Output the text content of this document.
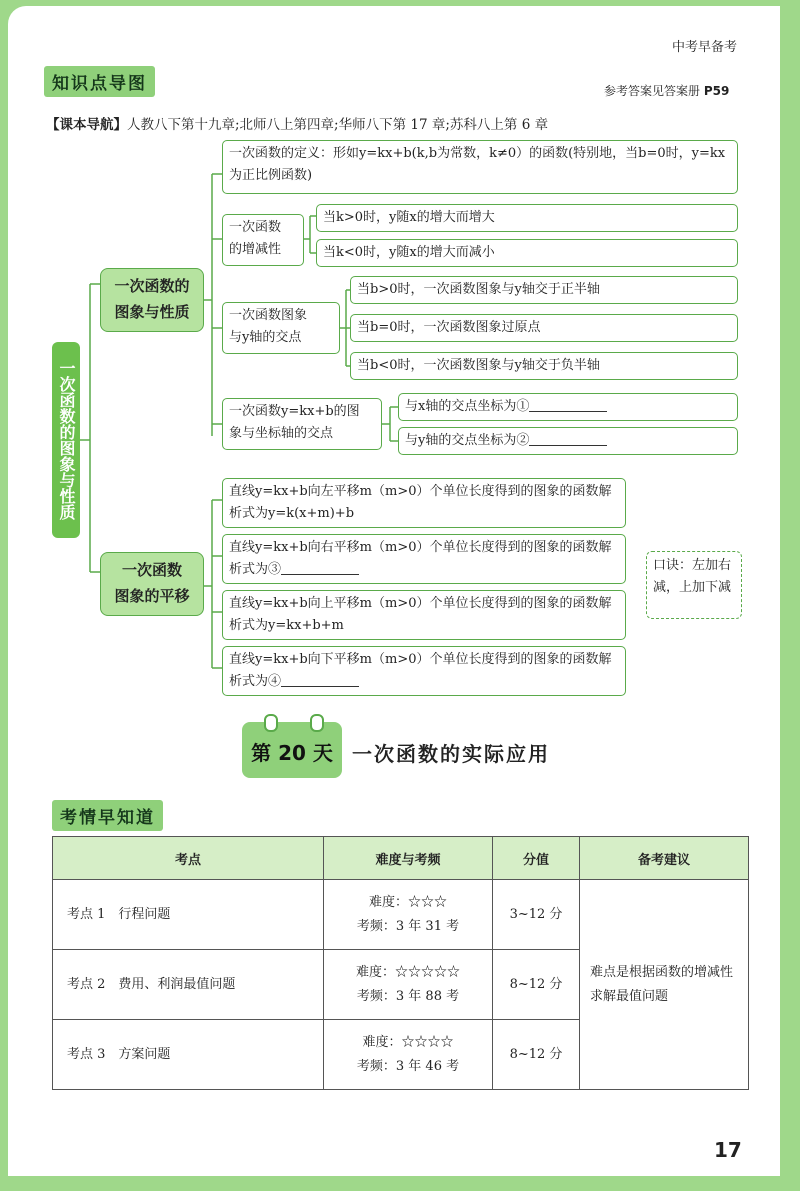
中考早备考
知识点导图	参考答案见答案册 P59
【课本导航】人教八下第十九章;北师八上第四章;华师八下第 17 章;苏科八上第 6 章
一次函数的图象与性质
一次函数的
图象与性质
一次函数的定义：形如y=kx+b(k,b为常数，k≠0）的函数(特别地，当b=0时，y=kx为正比例函数)
一次函数
的增减性
当k>0时，y随x的增大而增大
当k<0时，y随x的增大而减小
一次函数图象
与y轴的交点
当b>0时，一次函数图象与y轴交于正半轴
当b=0时，一次函数图象过原点
当b<0时，一次函数图象与y轴交于负半轴
一次函数y=kx+b的图
象与坐标轴的交点
与x轴的交点坐标为①
与y轴的交点坐标为②
一次函数
图象的平移
直线y=kx+b向左平移m（m>0）个单位长度得到的图象的函数解析式为y=k(x+m)+b
直线y=kx+b向右平移m（m>0）个单位长度得到的图象的函数解析式为③
直线y=kx+b向上平移m（m>0）个单位长度得到的图象的函数解析式为y=kx+b+m
直线y=kx+b向下平移m（m>0）个单位长度得到的图象的函数解析式为④
口诀：左加右减，上加下减
第 20 天 一次函数的实际应用
考情早知道
考点	难度与考频	分值	备考建议
考点 1　行程问题	难度：☆☆☆
考频：3 年 31 考	3~12 分	难点是根据函数的增减性求解最值问题
考点 2　费用、利润最值问题	难度：☆☆☆☆☆
考频：3 年 88 考	8~12 分	
考点 3　方案问题	难度：☆☆☆☆
考频：3 年 46 考	8~12 分	
17
